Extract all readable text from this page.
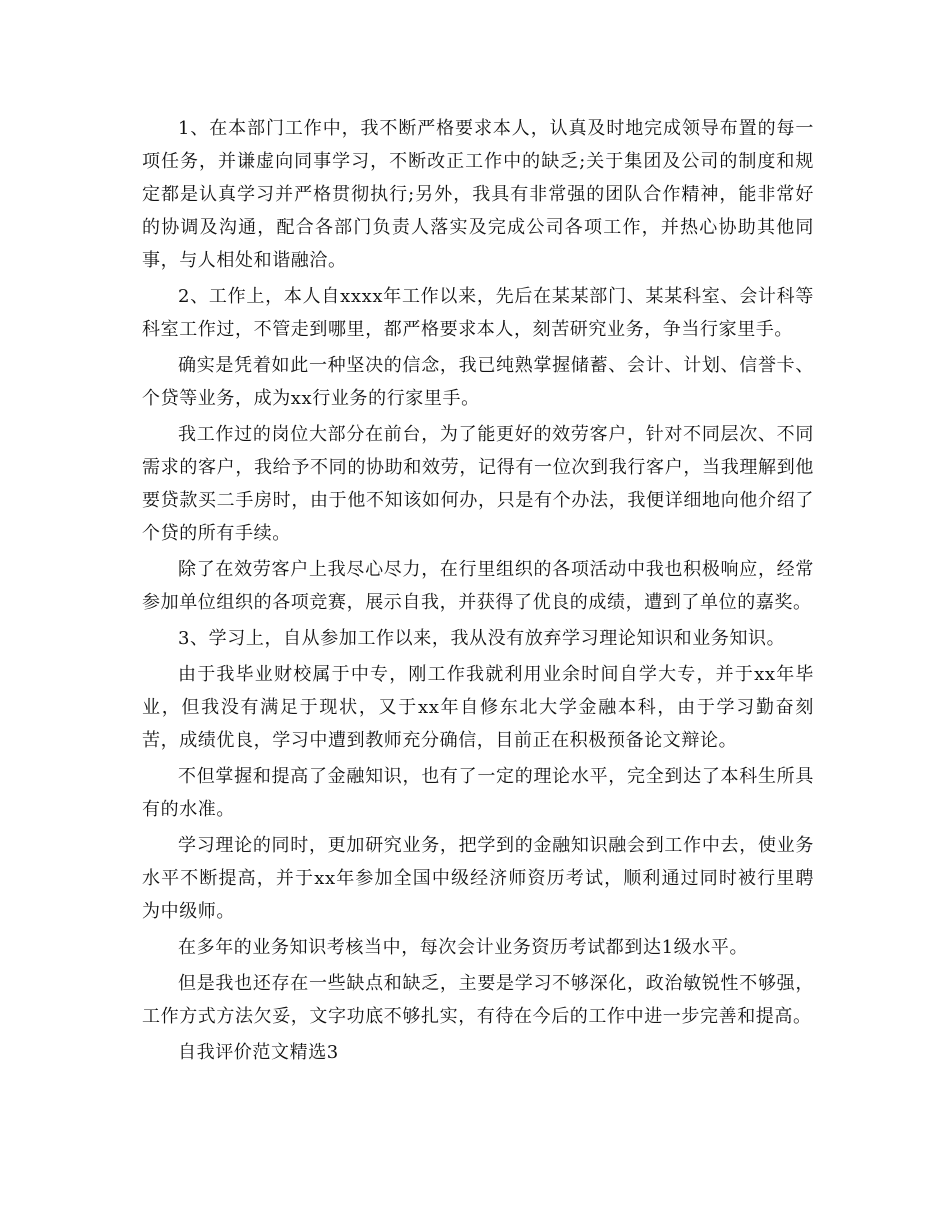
1、在本部门工作中，我不断严格要求本人，认真及时地完成领导布置的每一项任务，并谦虚向同事学习，不断改正工作中的缺乏;关于集团及公司的制度和规定都是认真学习并严格贯彻执行;另外，我具有非常强的团队合作精神，能非常好的协调及沟通，配合各部门负责人落实及完成公司各项工作，并热心协助其他同事，与人相处和谐融洽。

2、工作上，本人自xxxx年工作以来，先后在某某部门、某某科室、会计科等科室工作过，不管走到哪里，都严格要求本人，刻苦研究业务，争当行家里手。

确实是凭着如此一种坚决的信念，我已纯熟掌握储蓄、会计、计划、信誉卡、个贷等业务，成为xx行业务的行家里手。

我工作过的岗位大部分在前台，为了能更好的效劳客户，针对不同层次、不同需求的客户，我给予不同的协助和效劳，记得有一位次到我行客户，当我理解到他要贷款买二手房时，由于他不知该如何办，只是有个办法，我便详细地向他介绍了个贷的所有手续。

除了在效劳客户上我尽心尽力，在行里组织的各项活动中我也积极响应，经常参加单位组织的各项竞赛，展示自我，并获得了优良的成绩，遭到了单位的嘉奖。

3、学习上，自从参加工作以来，我从没有放弃学习理论知识和业务知识。

由于我毕业财校属于中专，刚工作我就利用业余时间自学大专，并于xx年毕业，但我没有满足于现状，又于xx年自修东北大学金融本科，由于学习勤奋刻苦，成绩优良，学习中遭到教师充分确信，目前正在积极预备论文辩论。

不但掌握和提高了金融知识，也有了一定的理论水平，完全到达了本科生所具有的水准。

学习理论的同时，更加研究业务，把学到的金融知识融会到工作中去，使业务水平不断提高，并于xx年参加全国中级经济师资历考试，顺利通过同时被行里聘为中级师。

在多年的业务知识考核当中，每次会计业务资历考试都到达1级水平。

但是我也还存在一些缺点和缺乏，主要是学习不够深化，政治敏锐性不够强，工作方式方法欠妥，文字功底不够扎实，有待在今后的工作中进一步完善和提高。

自我评价范文精选3
